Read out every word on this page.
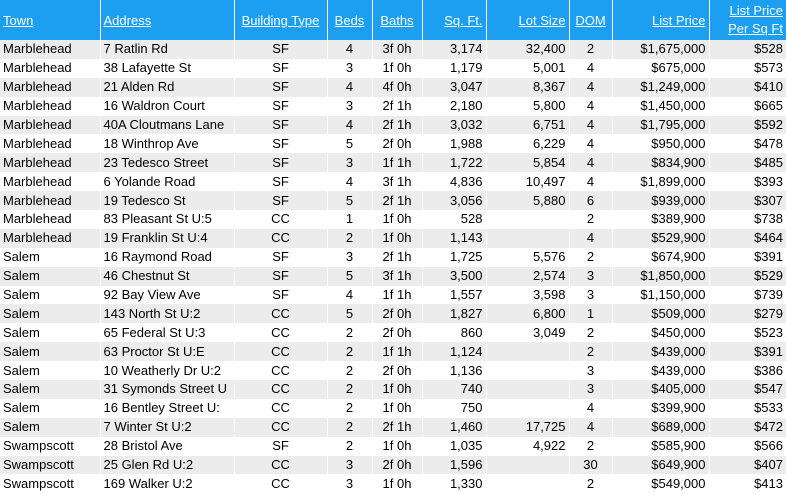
Town	Address	Building Type	Beds	Baths	Sq. Ft.	Lot Size	DOM	List Price	List Price
Per Sq Ft

Marblehead	7 Ratlin Rd	SF	4	3f 0h	3,174	32,400	2	$1,675,000	$528
Marblehead	38 Lafayette St	SF	3	1f 0h	1,179	5,001	4	$675,000	$573
Marblehead	21 Alden Rd	SF	4	4f 0h	3,047	8,367	4	$1,249,000	$410
Marblehead	16 Waldron Court	SF	3	2f 1h	2,180	5,800	4	$1,450,000	$665
Marblehead	40A Cloutmans Lane	SF	4	2f 1h	3,032	6,751	4	$1,795,000	$592
Marblehead	18 Winthrop Ave	SF	5	2f 0h	1,988	6,229	4	$950,000	$478
Marblehead	23 Tedesco Street	SF	3	1f 1h	1,722	5,854	4	$834,900	$485
Marblehead	6 Yolande Road	SF	4	3f 1h	4,836	10,497	4	$1,899,000	$393
Marblehead	19 Tedesco St	SF	5	2f 1h	3,056	5,880	6	$939,000	$307
Marblehead	83 Pleasant St U:5	CC	1	1f 0h	528		2	$389,900	$738
Marblehead	19 Franklin St U:4	CC	2	1f 0h	1,143		4	$529,900	$464
Salem	16 Raymond Road	SF	3	2f 1h	1,725	5,576	2	$674,900	$391
Salem	46 Chestnut St	SF	5	3f 1h	3,500	2,574	3	$1,850,000	$529
Salem	92 Bay View Ave	SF	4	1f 1h	1,557	3,598	3	$1,150,000	$739
Salem	143 North St U:2	CC	5	2f 0h	1,827	6,800	1	$509,000	$279
Salem	65 Federal St U:3	CC	2	2f 0h	860	3,049	2	$450,000	$523
Salem	63 Proctor St U:E	CC	2	1f 1h	1,124		2	$439,000	$391
Salem	10 Weatherly Dr U:2	CC	2	2f 0h	1,136		3	$439,000	$386
Salem	31 Symonds Street U	CC	2	1f 0h	740		3	$405,000	$547
Salem	16 Bentley Street U:	CC	2	1f 0h	750		4	$399,900	$533
Salem	7 Winter St U:2	CC	2	2f 1h	1,460	17,725	4	$689,000	$472
Swampscott	28 Bristol Ave	SF	2	1f 0h	1,035	4,922	2	$585,900	$566
Swampscott	25 Glen Rd U:2	CC	3	2f 0h	1,596		30	$649,900	$407
Swampscott	169 Walker U:2	CC	3	1f 0h	1,330		2	$549,000	$413
